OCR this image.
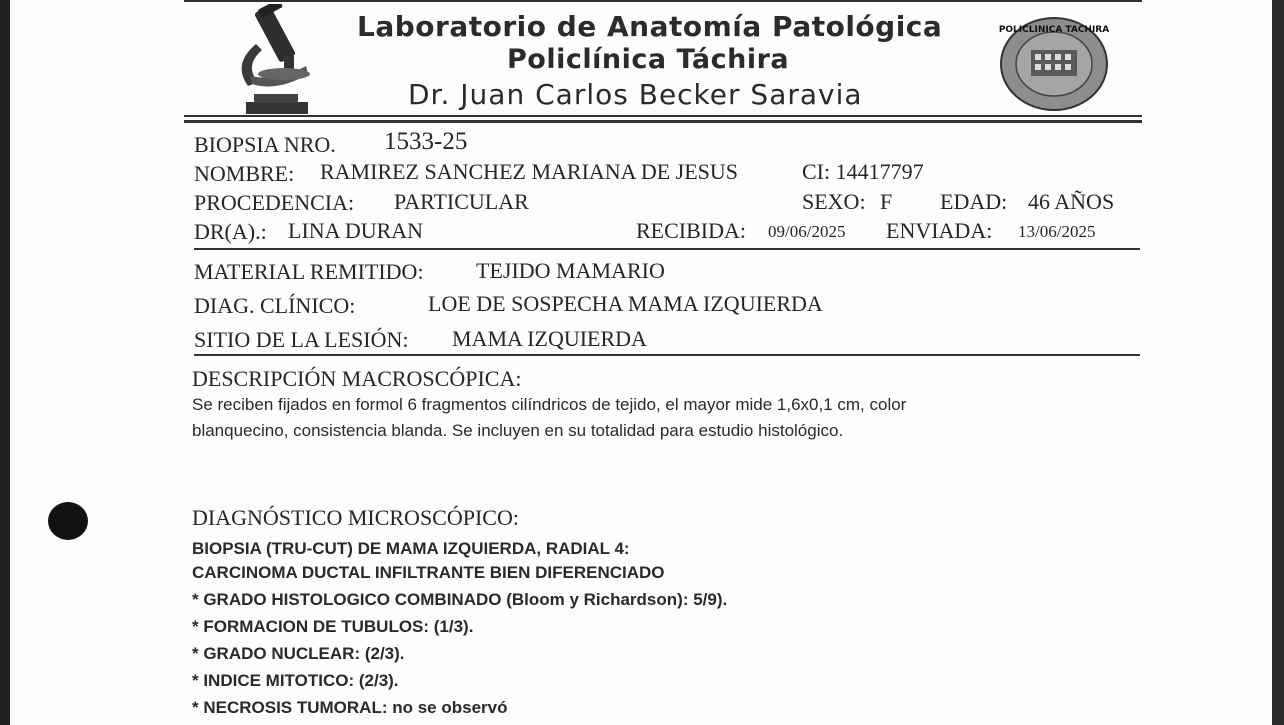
Laboratorio de Anatomía Patológica
Policlínica Táchira
Dr. Juan Carlos Becker Saravia
POLICLINICA TACHIRA
BIOPSIA NRO. 1533-25
NOMBRE: RAMIREZ SANCHEZ MARIANA DE JESUS	CI: 14417797
PROCEDENCIA: PARTICULAR	SEXO: F EDAD: 46 AÑOS
DR(A).: LINA DURAN	RECIBIDA: 09/06/2025 ENVIADA: 13/06/2025
MATERIAL REMITIDO: TEJIDO MAMARIO
DIAG. CLÍNICO:	LOE DE SOSPECHA MAMA IZQUIERDA
SITIO DE LA LESIÓN: MAMA IZQUIERDA
DESCRIPCIÓN MACROSCÓPICA:
Se reciben fijados en formol 6 fragmentos cilíndricos de tejido, el mayor mide 1,6x0,1 cm, color
blanquecino, consistencia blanda. Se incluyen en su totalidad para estudio histológico.
DIAGNÓSTICO MICROSCÓPICO:
BIOPSIA (TRU-CUT) DE MAMA IZQUIERDA, RADIAL 4:
CARCINOMA DUCTAL INFILTRANTE BIEN DIFERENCIADO
* GRADO HISTOLOGICO COMBINADO (Bloom y Richardson): 5/9).
* FORMACION DE TUBULOS: (1/3).
* GRADO NUCLEAR: (2/3).
* INDICE MITOTICO: (2/3).
* NECROSIS TUMORAL: no se observó
